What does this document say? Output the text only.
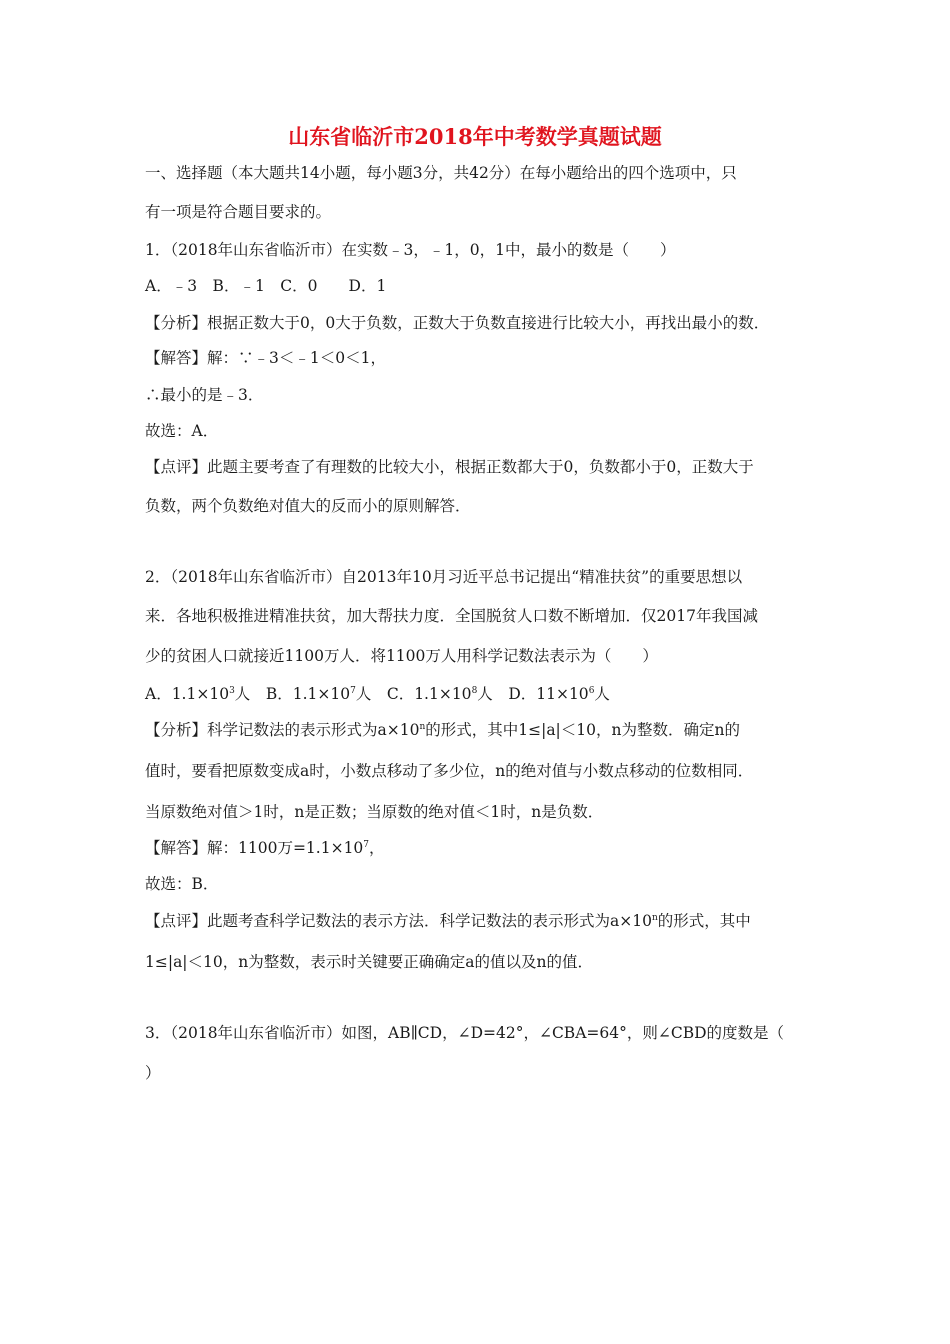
山东省临沂市2018年中考数学真题试题
一、选择题（本大题共14小题，每小题3分，共42分）在每小题给出的四个选项中，只
有一项是符合题目要求的。
1．（2018年山东省临沂市）在实数﹣3，﹣1，0，1中，最小的数是（　　）
A．﹣3　B．﹣1　C．0　　D．1
【分析】根据正数大于0，0大于负数，正数大于负数直接进行比较大小，再找出最小的数．
【解答】解：∵﹣3＜﹣1＜0＜1，
∴最小的是﹣3．
故选：A．
【点评】此题主要考查了有理数的比较大小，根据正数都大于0，负数都小于0，正数大于
负数，两个负数绝对值大的反而小的原则解答．
2．（2018年山东省临沂市）自2013年10月习近平总书记提出“精准扶贫”的重要思想以
来．各地积极推进精准扶贫，加大帮扶力度．全国脱贫人口数不断增加．仅2017年我国减
少的贫困人口就接近1100万人．将1100万人用科学记数法表示为（　　）
A．$1.1\times 10^3$人　B．$1.1\times 10^7$人　C．$1.1\times 10^8$人　D．$11\times 10^6$人
【分析】科学记数法的表示形式为$a\times 10^n$的形式，其中1≤|a|＜10，n为整数．确定n的
值时，要看把原数变成a时，小数点移动了多少位，n的绝对值与小数点移动的位数相同．
当原数绝对值＞1时，n是正数；当原数的绝对值＜1时，n是负数．
【解答】解：1100万$=1.1\times 10^7$，
故选：B．
【点评】此题考查科学记数法的表示方法．科学记数法的表示形式为$a\times 10^n$的形式，其中
1≤|a|＜10，n为整数，表示时关键要正确确定a的值以及n的值．
3．（2018年山东省临沂市）如图，AB∥CD，∠D=42°，∠CBA=64°，则∠CBD的度数是（
）
